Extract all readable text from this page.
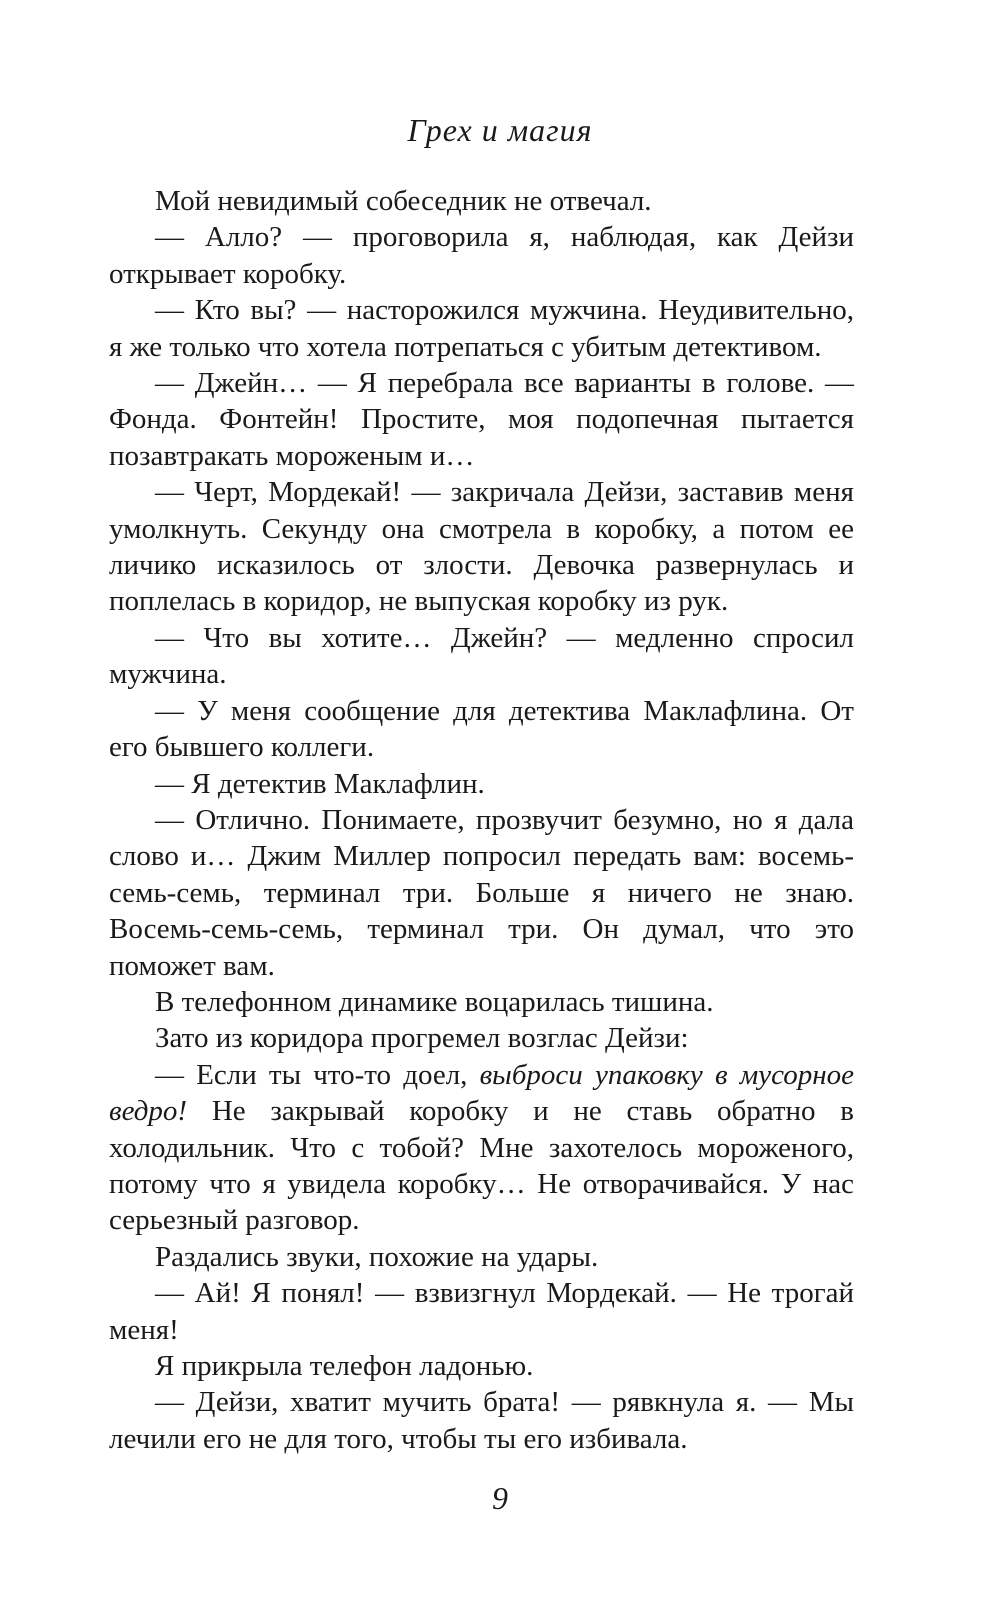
Грех и магия

Мой невидимый собеседник не отвечал.

— Алло? — проговорила я, наблюдая, как Дейзи открывает коробку.

— Кто вы? — насторожился мужчина. Неудивительно, я же только что хотела потрепаться с убитым детективом.

— Джейн… — Я перебрала все варианты в голове. — Фонда. Фонтейн! Простите, моя подопечная пытается позавтракать мороженым и…

— Черт, Мордекай! — закричала Дейзи, заставив меня умолкнуть. Секунду она смотрела в коробку, а потом ее личико исказилось от злости. Девочка развернулась и поплелась в коридор, не выпуская коробку из рук.

— Что вы хотите… Джейн? — медленно спросил мужчина.

— У меня сообщение для детектива Маклафлина. От его бывшего коллеги.

— Я детектив Маклафлин.

— Отлично. Понимаете, прозвучит безумно, но я дала слово и… Джим Миллер попросил передать вам: восемь-семь-семь, терминал три. Больше я ничего не знаю. Восемь-семь-семь, терминал три. Он думал, что это поможет вам.

В телефонном динамике воцарилась тишина.

Зато из коридора прогремел возглас Дейзи:

— Если ты что-то доел, выброси упаковку в мусорное ведро! Не закрывай коробку и не ставь обратно в холодильник. Что с тобой? Мне захотелось мороженого, потому что я увидела коробку… Не отворачивайся. У нас серьезный разговор.

Раздались звуки, похожие на удары.

— Ай! Я понял! — взвизгнул Мордекай. — Не трогай меня!

Я прикрыла телефон ладонью.

— Дейзи, хватит мучить брата! — рявкнула я. — Мы лечили его не для того, чтобы ты его избивала.

9
